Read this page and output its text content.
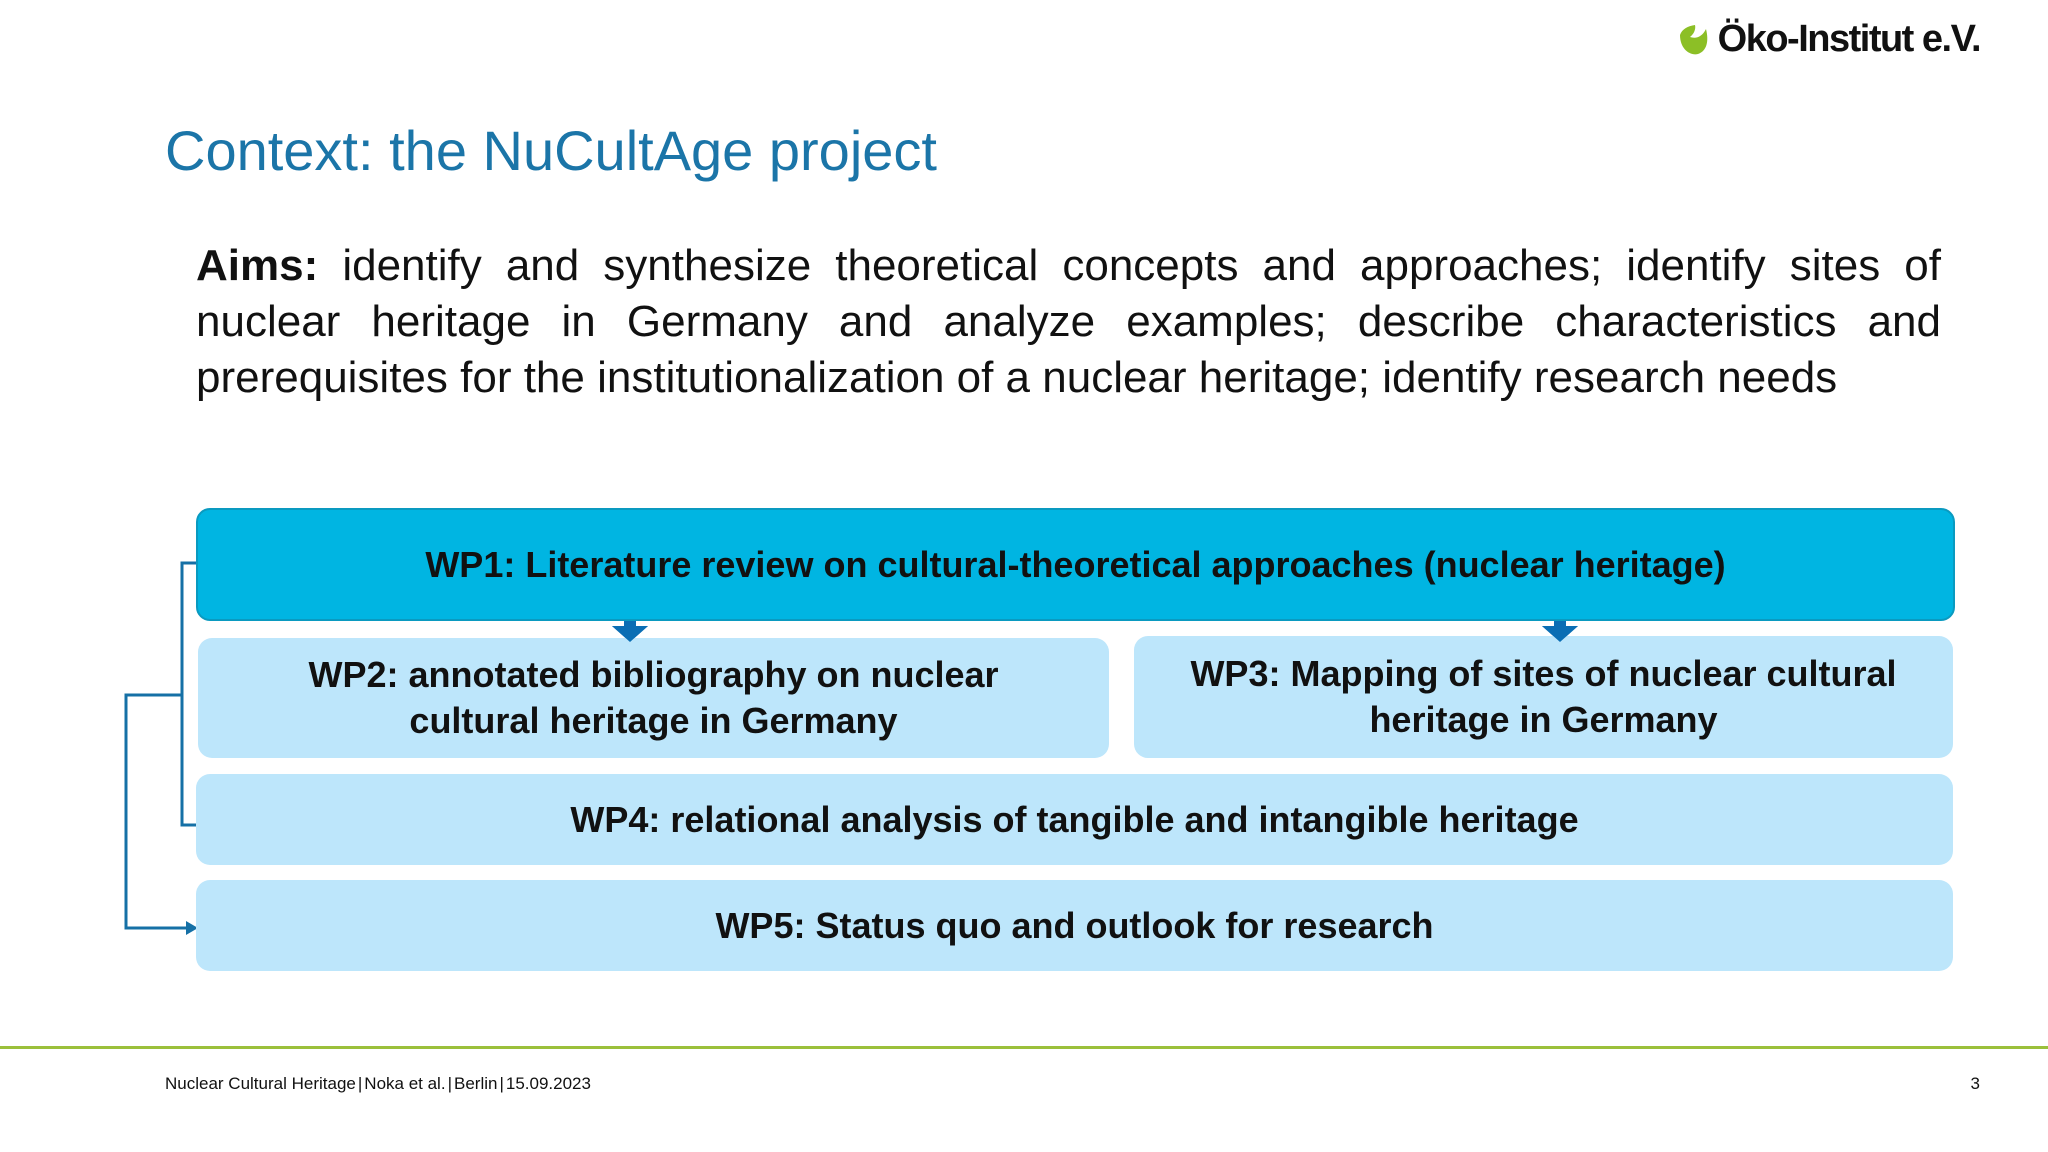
Öko-Institut e.V.
Context: the NuCultAge project
Aims: identify and synthesize theoretical concepts and approaches; identify sites of nuclear heritage in Germany and analyze examples; describe characteristics and prerequisites for the institutionalization of a nuclear heritage; identify research needs
WP1: Literature review on cultural-theoretical approaches (nuclear heritage)
WP2: annotated bibliography on nuclear cultural heritage in Germany
WP3: Mapping of sites of nuclear cultural heritage in Germany
WP4: relational analysis of tangible and intangible heritage
WP5: Status quo and outlook for research
Nuclear Cultural Heritage | Noka et al. | Berlin | 15.09.2023	3
